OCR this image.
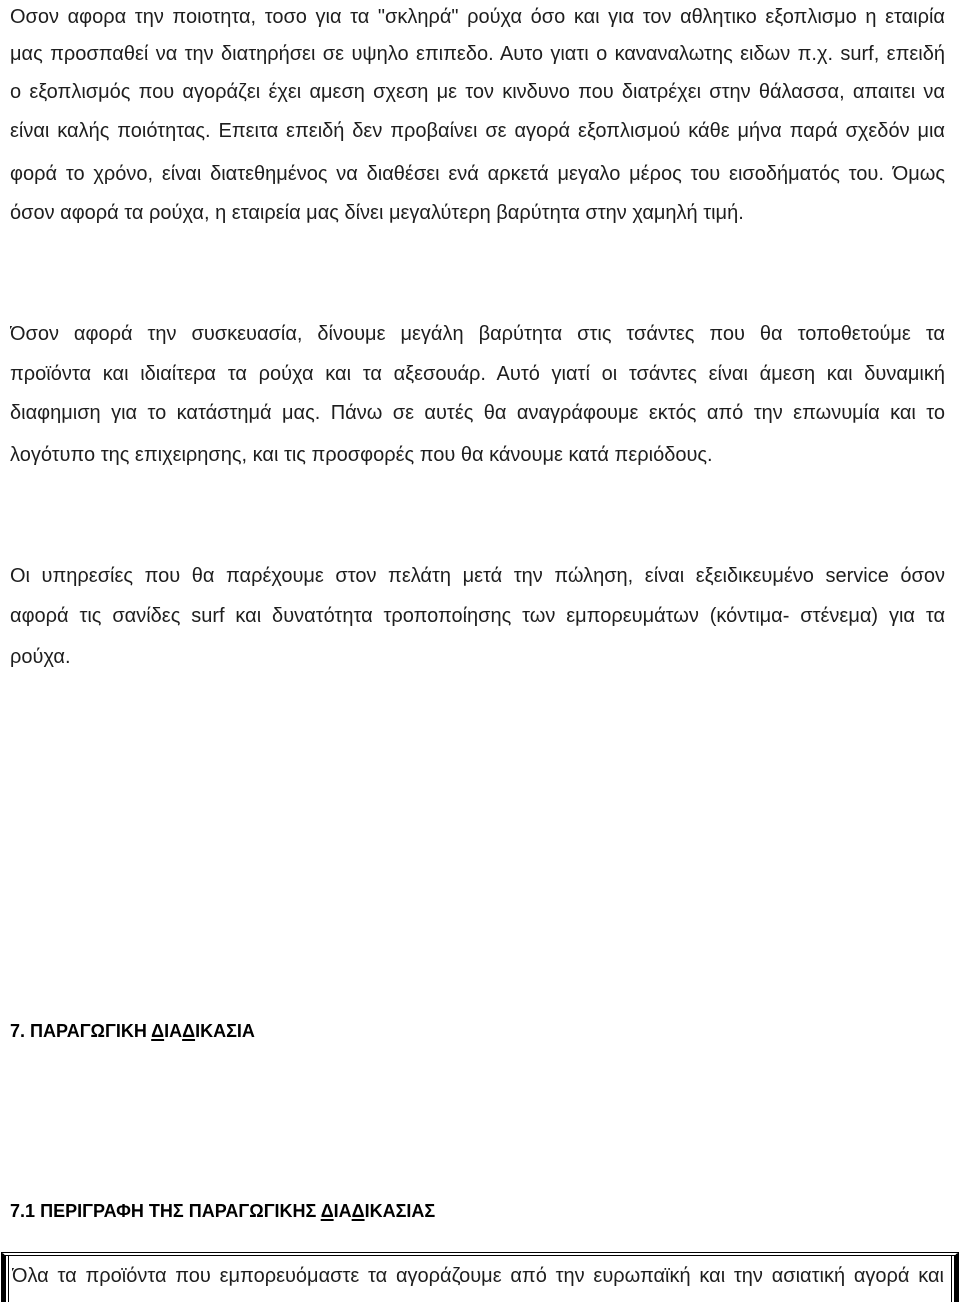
Οσον αφορα την ποιοτητα, τοσο για τα "σκληρά" ρούχα όσο και για τον αθλητικο εξοπλισμο η εταιρία
μας προσπαθεί να την διατηρήσει σε υψηλο επιπεδο. Αυτο γιατι ο καναναλωτης ειδων π.χ. surf, επειδή
ο εξοπλισμός που αγοράζει έχει αμεση σχεση με τον κινδυνο που διατρέχει στην θάλασσα, απαιτει να
είναι καλής ποιότητας. Επειτα επειδή δεν προβαίνει σε αγορά εξοπλισμού κάθε μήνα παρά σχεδόν μια
φορά το χρόνο, είναι διατεθημένος να διαθέσει ενά αρκετά μεγαλο μέρος του εισοδήματός του. Όμως
όσον αφορά τα ρούχα, η εταιρεία μας δίνει μεγαλύτερη βαρύτητα στην χαμηλή τιμή.
Όσον αφορά την συσκευασία, δίνουμε μεγάλη βαρύτητα στις τσάντες που θα τοποθετούμε τα
προϊόντα και ιδιαίτερα τα ρούχα και τα αξεσουάρ. Αυτό γιατί οι τσάντες είναι άμεση και δυναμική
διαφημιση για το κατάστημά μας. Πάνω σε αυτές θα αναγράφουμε εκτός από την επωνυμία και το
λογότυπο της επιχειρησης, και τις προσφορές που θα κάνουμε κατά περιόδους.
Οι υπηρεσίες που θα παρέχουμε στον πελάτη μετά την πώληση, είναι εξειδικευμένο service όσον
αφορά τις σανίδες surf και δυνατότητα τροποποίησης των εμπορευμάτων (κόντιμα- στένεμα) για τα
ρούχα.
7. ΠΑΡΑΓΩΓΙΚΗ ΔΙΑΔΙΚΑΣΙΑ
7.1 ΠΕΡΙΓΡΑΦΗ ΤΗΣ ΠΑΡΑΓΩΓΙΚΗΣ ΔΙΑΔΙΚΑΣΙΑΣ
Όλα τα προϊόντα που εμπορευόμαστε τα αγοράζουμε από την ευρωπαϊκή και την ασιατική αγορά και
